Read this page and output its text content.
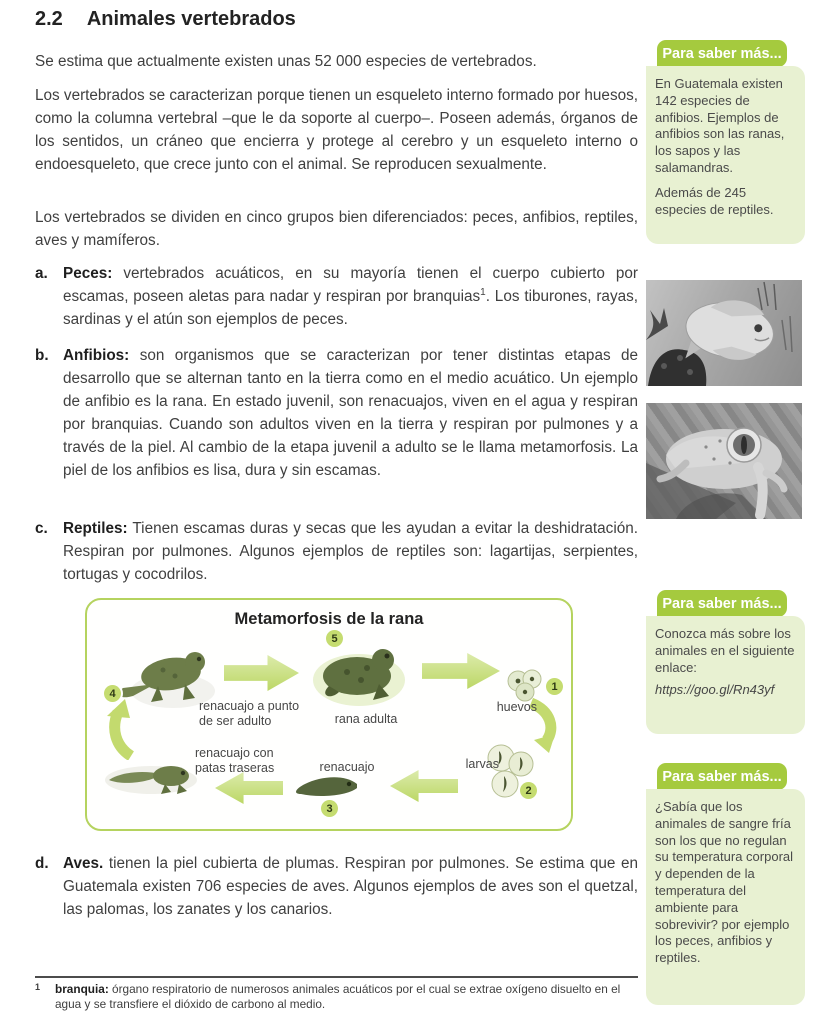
2.2 Animales vertebrados
Se estima que actualmente existen unas 52 000 especies de vertebrados.
Los vertebrados se caracterizan porque tienen un esqueleto interno formado por huesos, como la columna vertebral –que le da soporte al cuerpo–. Poseen además, órganos de los sentidos, un cráneo que encierra y protege al cerebro y un esqueleto interno o endoesqueleto, que crece junto con el animal. Se reproducen sexualmente.
Los vertebrados se dividen en cinco grupos bien diferenciados: peces, anfibios, reptiles, aves y mamíferos.
a. Peces: vertebrados acuáticos, en su mayoría tienen el cuerpo cubierto por escamas, poseen aletas para nadar y respiran por branquias$^1$. Los tiburones, rayas, sardinas y el atún son ejemplos de peces.
b. Anfibios: son organismos que se caracterizan por tener distintas etapas de desarrollo que se alternan tanto en la tierra como en el medio acuático. Un ejemplo de anfibio es la rana. En estado juvenil, son renacuajos, viven en el agua y respiran por branquias. Cuando son adultos viven en la tierra y respiran por pulmones y a través de la piel. Al cambio de la etapa juvenil a adulto se le llama metamorfosis. La piel de los anfibios es lisa, dura y sin escamas.
c. Reptiles: Tienen escamas duras y secas que les ayudan a evitar la deshidratación. Respiran por pulmones. Algunos ejemplos de reptiles son: lagartijas, serpientes, tortugas y cocodrilos.
d. Aves. tienen la piel cubierta de plumas. Respiran por pulmones. Se estima que en Guatemala existen 706 especies de aves. Algunos ejemplos de aves son el quetzal, las palomas, los zanates y los canarios.
Metamorfosis de la rana
1
2
3
4
5
rana adulta
huevos
larvas
renacuajo
renacuajo con patas traseras
renacuajo a punto de ser adulto
1 branquia: órgano respiratorio de numerosos animales acuáticos por el cual se extrae oxígeno disuelto en el agua y se transfiere el dióxido de carbono al medio.
Para saber más...
En Guatemala existen 142 especies de anfibios. Ejemplos de anfibios son las ranas, los sapos y las salamandras.
Además de 245 especies de reptiles.
Para saber más...
Conozca más sobre los animales en el siguiente enlace:
https://goo.gl/Rn43yf
Para saber más...
¿Sabía que los animales de sangre fría son los que no regulan su temperatura corporal y dependen de la temperatura del ambiente para sobrevivir? por ejemplo los peces, anfibios y reptiles.
